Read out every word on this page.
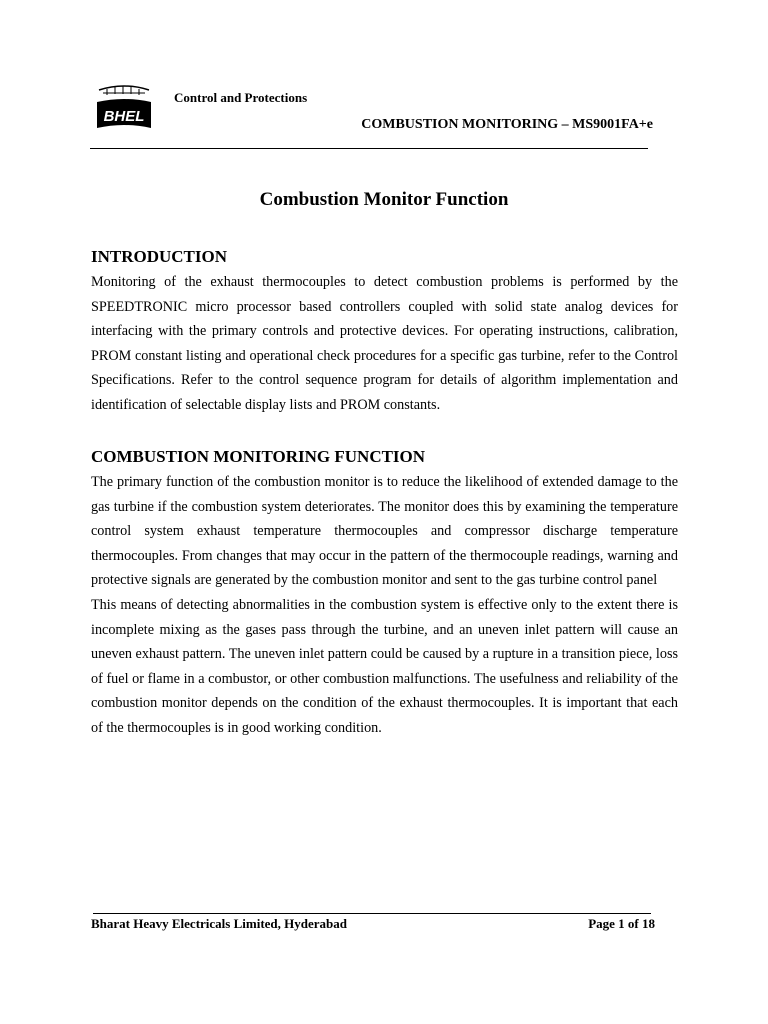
BHEL
Control and Protections
COMBUSTION MONITORING – MS9001FA+e
Combustion Monitor Function
INTRODUCTION

Monitoring of the exhaust thermocouples to detect combustion problems is performed by the SPEEDTRONIC micro processor based controllers coupled with solid state analog devices for interfacing with the primary controls and protective devices. For operating instructions, calibration, PROM constant listing and operational check procedures for a specific gas turbine, refer to the Control Specifications. Refer to the control sequence program for details of algorithm implementation and identification of selectable display lists and PROM constants.

COMBUSTION MONITORING FUNCTION

The primary function of the combustion monitor is to reduce the likelihood of extended damage to the gas turbine if the combustion system deteriorates. The monitor does this by examining the temperature control system exhaust temperature thermocouples and compressor discharge temperature thermocouples. From changes that may occur in the pattern of the thermocouple readings, warning and protective signals are generated by the combustion monitor and sent to the gas turbine control panel

This means of detecting abnormalities in the combustion system is effective only to the extent there is incomplete mixing as the gases pass through the turbine, and an uneven inlet pattern will cause an uneven exhaust pattern. The uneven inlet pattern could be caused by a rupture in a transition piece, loss of fuel or flame in a combustor, or other combustion malfunctions. The usefulness and reliability of the combustion monitor depends on the condition of the exhaust thermocouples. It is important that each of the thermocouples is in good working condition.

Bharat Heavy Electricals Limited, Hyderabad	Page 1 of 18
